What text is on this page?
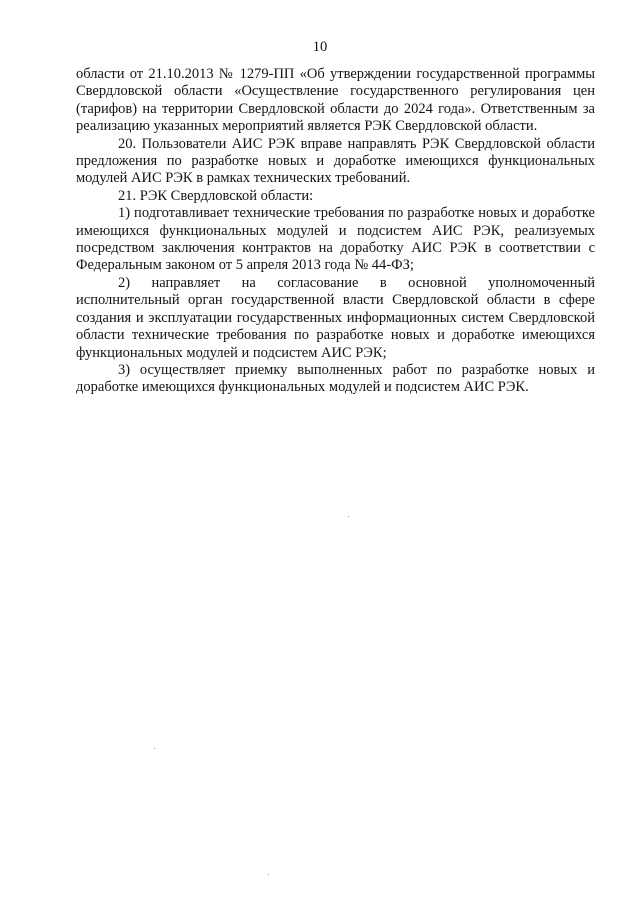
10

области от 21.10.2013 № 1279-ПП «Об утверждении государственной программы Свердловской области «Осуществление государственного регулирования цен (тарифов) на территории Свердловской области до 2024 года». Ответственным за реализацию указанных мероприятий является РЭК Свердловской области.

20. Пользователи АИС РЭК вправе направлять РЭК Свердловской области предложения по разработке новых и доработке имеющихся функциональных модулей АИС РЭК в рамках технических требований.

21. РЭК Свердловской области:

1) подготавливает технические требования по разработке новых и доработке имеющихся функциональных модулей и подсистем АИС РЭК, реализуемых посредством заключения контрактов на доработку АИС РЭК в соответствии с Федеральным законом от 5 апреля 2013 года № 44-ФЗ;

2) направляет на согласование в основной уполномоченный исполнительный орган государственной власти Свердловской области в сфере создания и эксплуатации государственных информационных систем Свердловской области технические требования по разработке новых и доработке имеющихся функциональных модулей и подсистем АИС РЭК;

3) осуществляет приемку выполненных работ по разработке новых и доработке имеющихся функциональных модулей и подсистем АИС РЭК.
